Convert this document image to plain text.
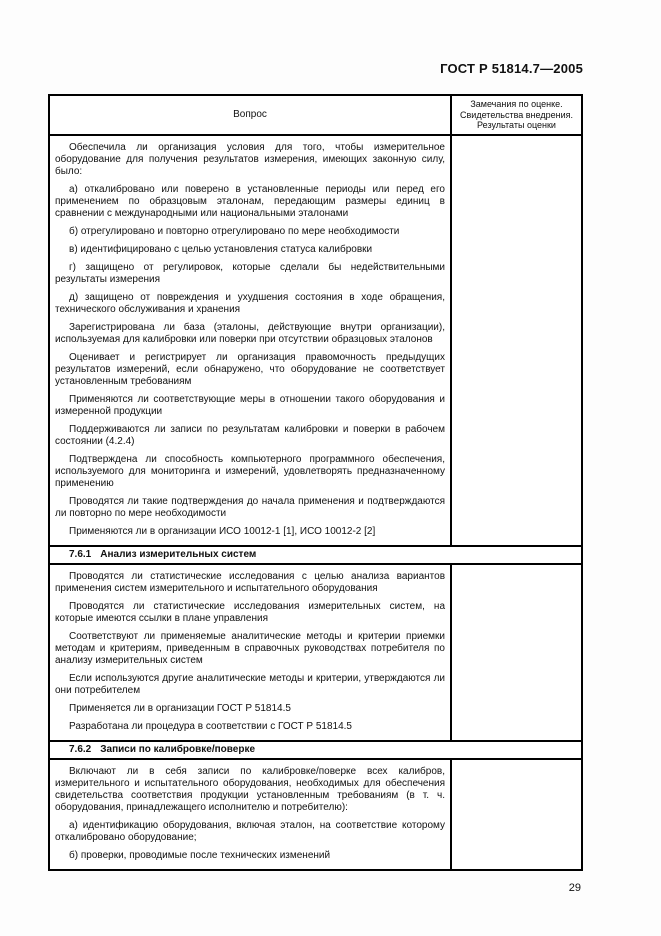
ГОСТ Р 51814.7—2005
Вопрос
Замечания по оценке.
Свидетельства внедрения.
Результаты оценки

Обеспечила ли организация условия для того, чтобы измерительное оборудование для получения результатов измерения, имеющих законную силу, было:

а) откалибровано или поверено в установленные периоды или перед его применением по образцовым эталонам, передающим размеры единиц в сравнении с международными или национальными эталонами

б) отрегулировано и повторно отрегулировано по мере необходимости

в) идентифицировано с целью установления статуса калибровки

г) защищено от регулировок, которые сделали бы недействительными результаты измерения

д) защищено от повреждения и ухудшения состояния в ходе обращения, технического обслуживания и хранения

Зарегистрирована ли база (эталоны, действующие внутри организации), используемая для калибровки или поверки при отсутствии образцовых эталонов

Оценивает и регистрирует ли организация правомочность предыдущих результатов измерений, если обнаружено, что оборудование не соответствует установленным требованиям

Применяются ли соответствующие меры в отношении такого оборудования и измеренной продукции

Поддерживаются ли записи по результатам калибровки и поверки в рабочем состоянии (4.2.4)

Подтверждена ли способность компьютерного программного обеспечения, используемого для мониторинга и измерений, удовлетворять предназначенному применению

Проводятся ли такие подтверждения до начала применения и подтверждаются ли повторно по мере необходимости

Применяются ли в организации ИСО 10012-1 [1], ИСО 10012-2 [2]

7.6.1 Анализ измерительных систем

Проводятся ли статистические исследования с целью анализа вариантов применения систем измерительного и испытательного оборудования

Проводятся ли статистические исследования измерительных систем, на которые имеются ссылки в плане управления

Соответствуют ли применяемые аналитические методы и критерии приемки методам и критериям, приведенным в справочных руководствах потребителя по анализу измерительных систем

Если используются другие аналитические методы и критерии, утверждаются ли они потребителем

Применяется ли в организации ГОСТ Р 51814.5

Разработана ли процедура в соответствии с ГОСТ Р 51814.5

7.6.2 Записи по калибровке/поверке

Включают ли в себя записи по калибровке/поверке всех калибров, измерительного и испытательного оборудования, необходимых для обеспечения свидетельства соответствия продукции установленным требованиям (в т. ч. оборудования, принадлежащего исполнителю и потребителю):

а) идентификацию оборудования, включая эталон, на соответствие которому откалибровано оборудование;

б) проверки, проводимые после технических изменений

29
